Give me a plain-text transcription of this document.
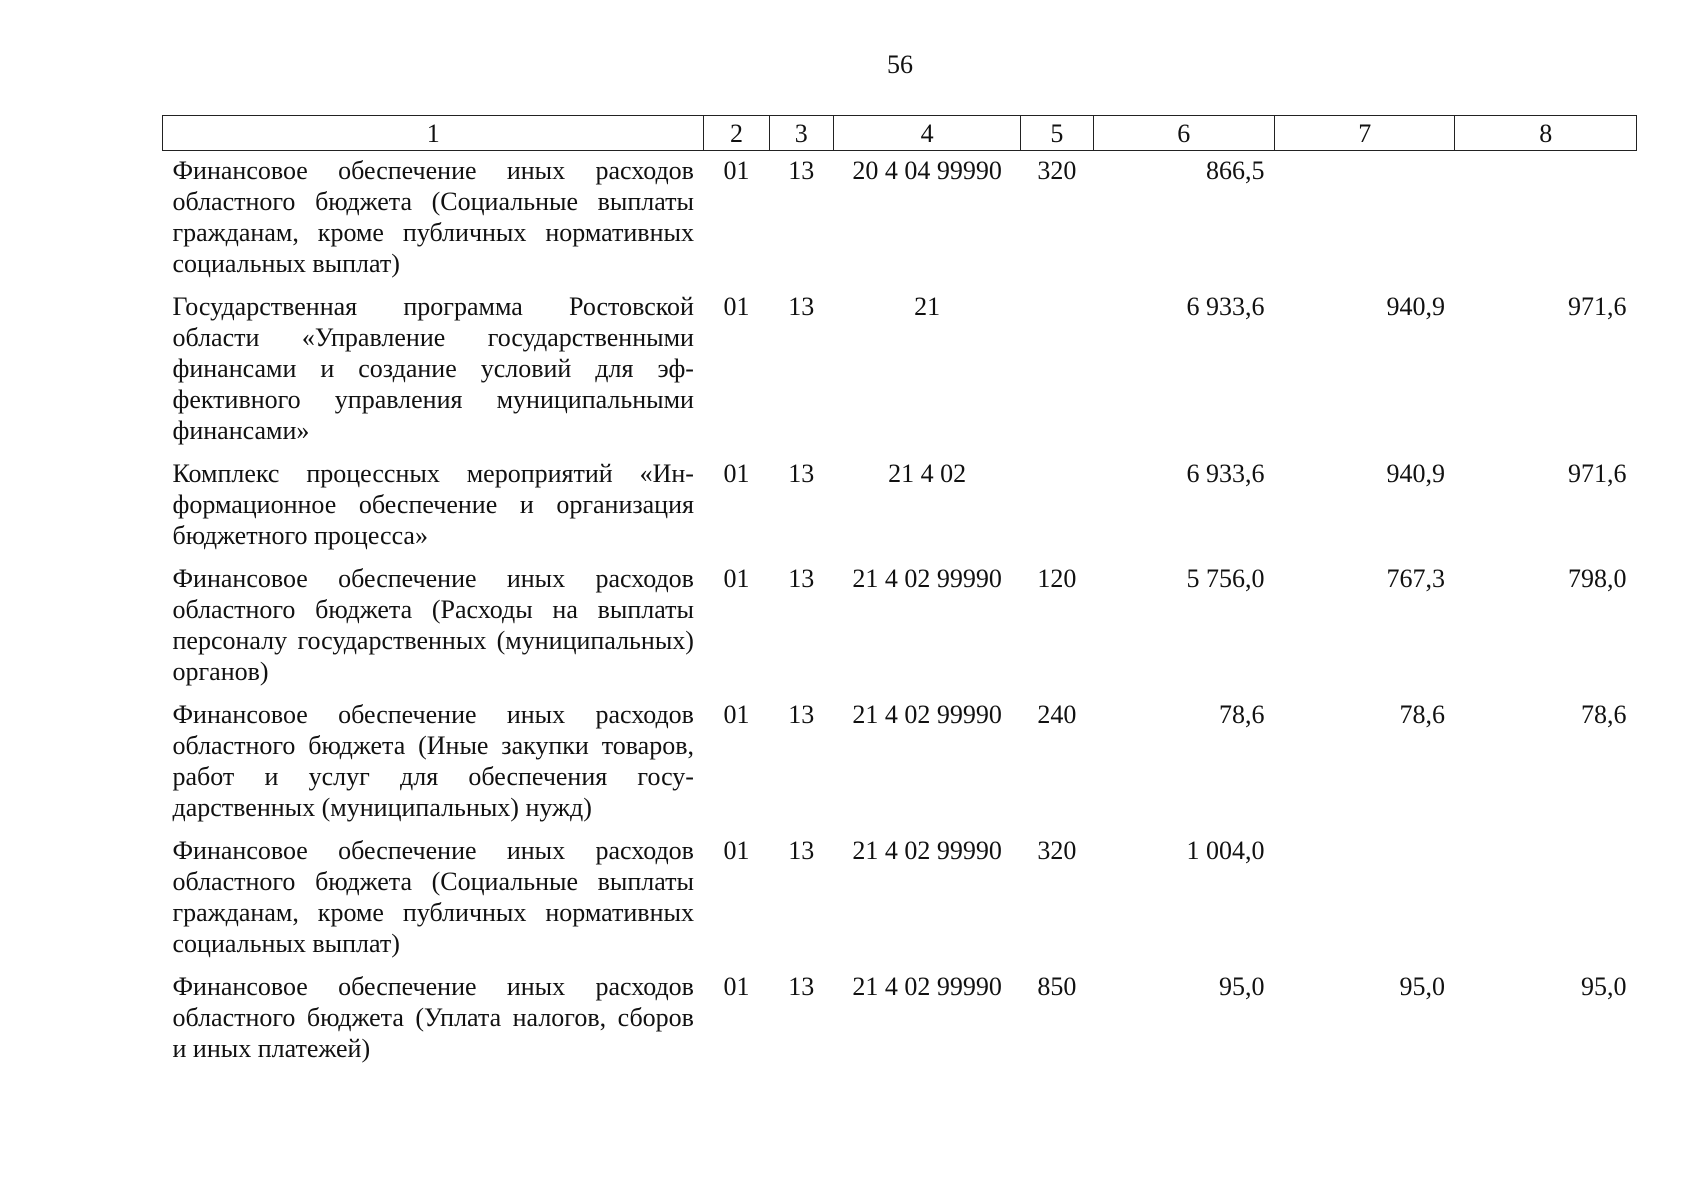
56
1	2	3	4	5	6	7	8
Финансовое обеспечение иных расходов областного бюджета (Социальные выплаты гражданам, кроме публичных нормативных социальных выплат)	01	13	20 4 04 99990	320	866,5		
Государственная программа Ростовской области «Управление государственными финансами и создание условий для эффективного управления муниципальными финансами»	01	13	21		6 933,6	940,9	971,6
Комплекс процессных мероприятий «Информационное обеспечение и организация бюджетного процесса»	01	13	21 4 02		6 933,6	940,9	971,6
Финансовое обеспечение иных расходов областного бюджета (Расходы на выплаты персоналу государственных (муниципальных) органов)	01	13	21 4 02 99990	120	5 756,0	767,3	798,0
Финансовое обеспечение иных расходов областного бюджета (Иные закупки товаров, работ и услуг для обеспечения государственных (муниципальных) нужд)	01	13	21 4 02 99990	240	78,6	78,6	78,6
Финансовое обеспечение иных расходов областного бюджета (Социальные выплаты гражданам, кроме публичных нормативных социальных выплат)	01	13	21 4 02 99990	320	1 004,0		
Финансовое обеспечение иных расходов областного бюджета (Уплата налогов, сборов и иных платежей)	01	13	21 4 02 99990	850	95,0	95,0	95,0
